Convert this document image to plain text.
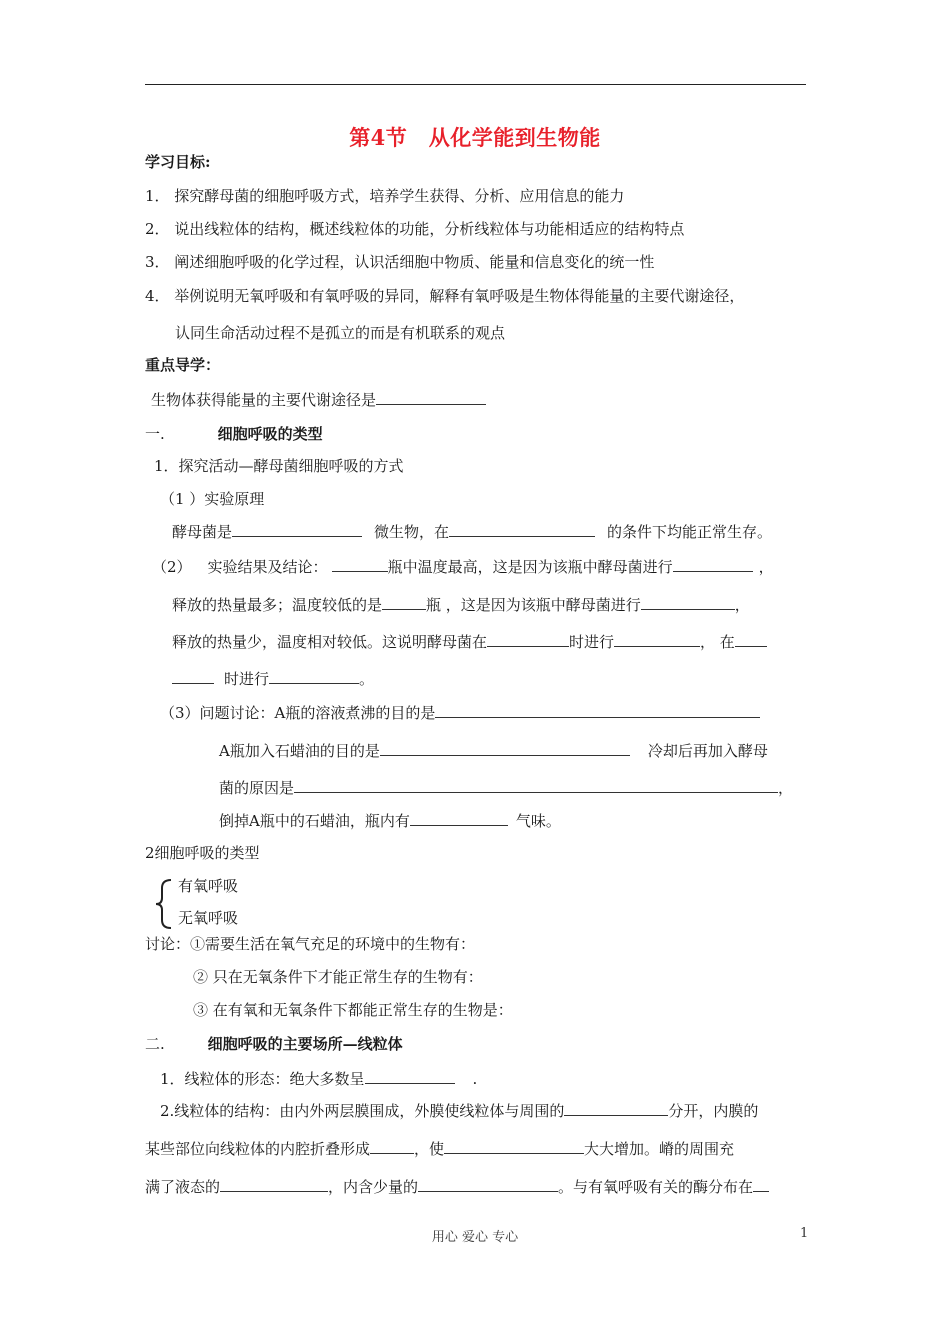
第4节　从化学能到生物能
学习目标:
1． 探究酵母菌的细胞呼吸方式，培养学生获得、分析、应用信息的能力
2． 说出线粒体的结构，概述线粒体的功能，分析线粒体与功能相适应的结构特点
3． 阐述细胞呼吸的化学过程，认识活细胞中物质、能量和信息变化的统一性
4． 举例说明无氧呼吸和有氧呼吸的异同，解释有氧呼吸是生物体得能量的主要代谢途径，
认同生命活动过程不是孤立的而是有机联系的观点
重点导学：
生物体获得能量的主要代谢途径是
一.	细胞呼吸的类型
1．探究活动—酵母菌细胞呼吸的方式
（1 ）实验原理
酵母菌是	微生物，在	的条件下均能正常生存。
（2） 实验结果及结论：	瓶中温度最高，这是因为该瓶中酵母菌进行	，
释放的热量最多；温度较低的是	瓶 ，这是因为该瓶中酵母菌进行	，
释放的热量少，温度相对较低。这说明酵母菌在	时进行	， 在
时进行	。
（3）问题讨论：A瓶的溶液煮沸的目的是
A瓶加入石蜡油的目的是	冷却后再加入酵母
菌的原因是	，
倒掉A瓶中的石蜡油，瓶内有	气味。
2细胞呼吸的类型
有氧呼吸
无氧呼吸
讨论：①需要生活在氧气充足的环境中的生物有：
② 只在无氧条件下才能正常生存的生物有：
③ 在有氧和无氧条件下都能正常生存的生物是：
二.	细胞呼吸的主要场所—线粒体
1．线粒体的形态：绝大多数呈	.
2.线粒体的结构：由内外两层膜围成，外膜使线粒体与周围的	分开，内膜的
某些部位向线粒体的内腔折叠形成	，使	大大增加。嵴的周围充
满了液态的	，内含少量的	。与有氧呼吸有关的酶分布在
用心 爱心 专心	1
